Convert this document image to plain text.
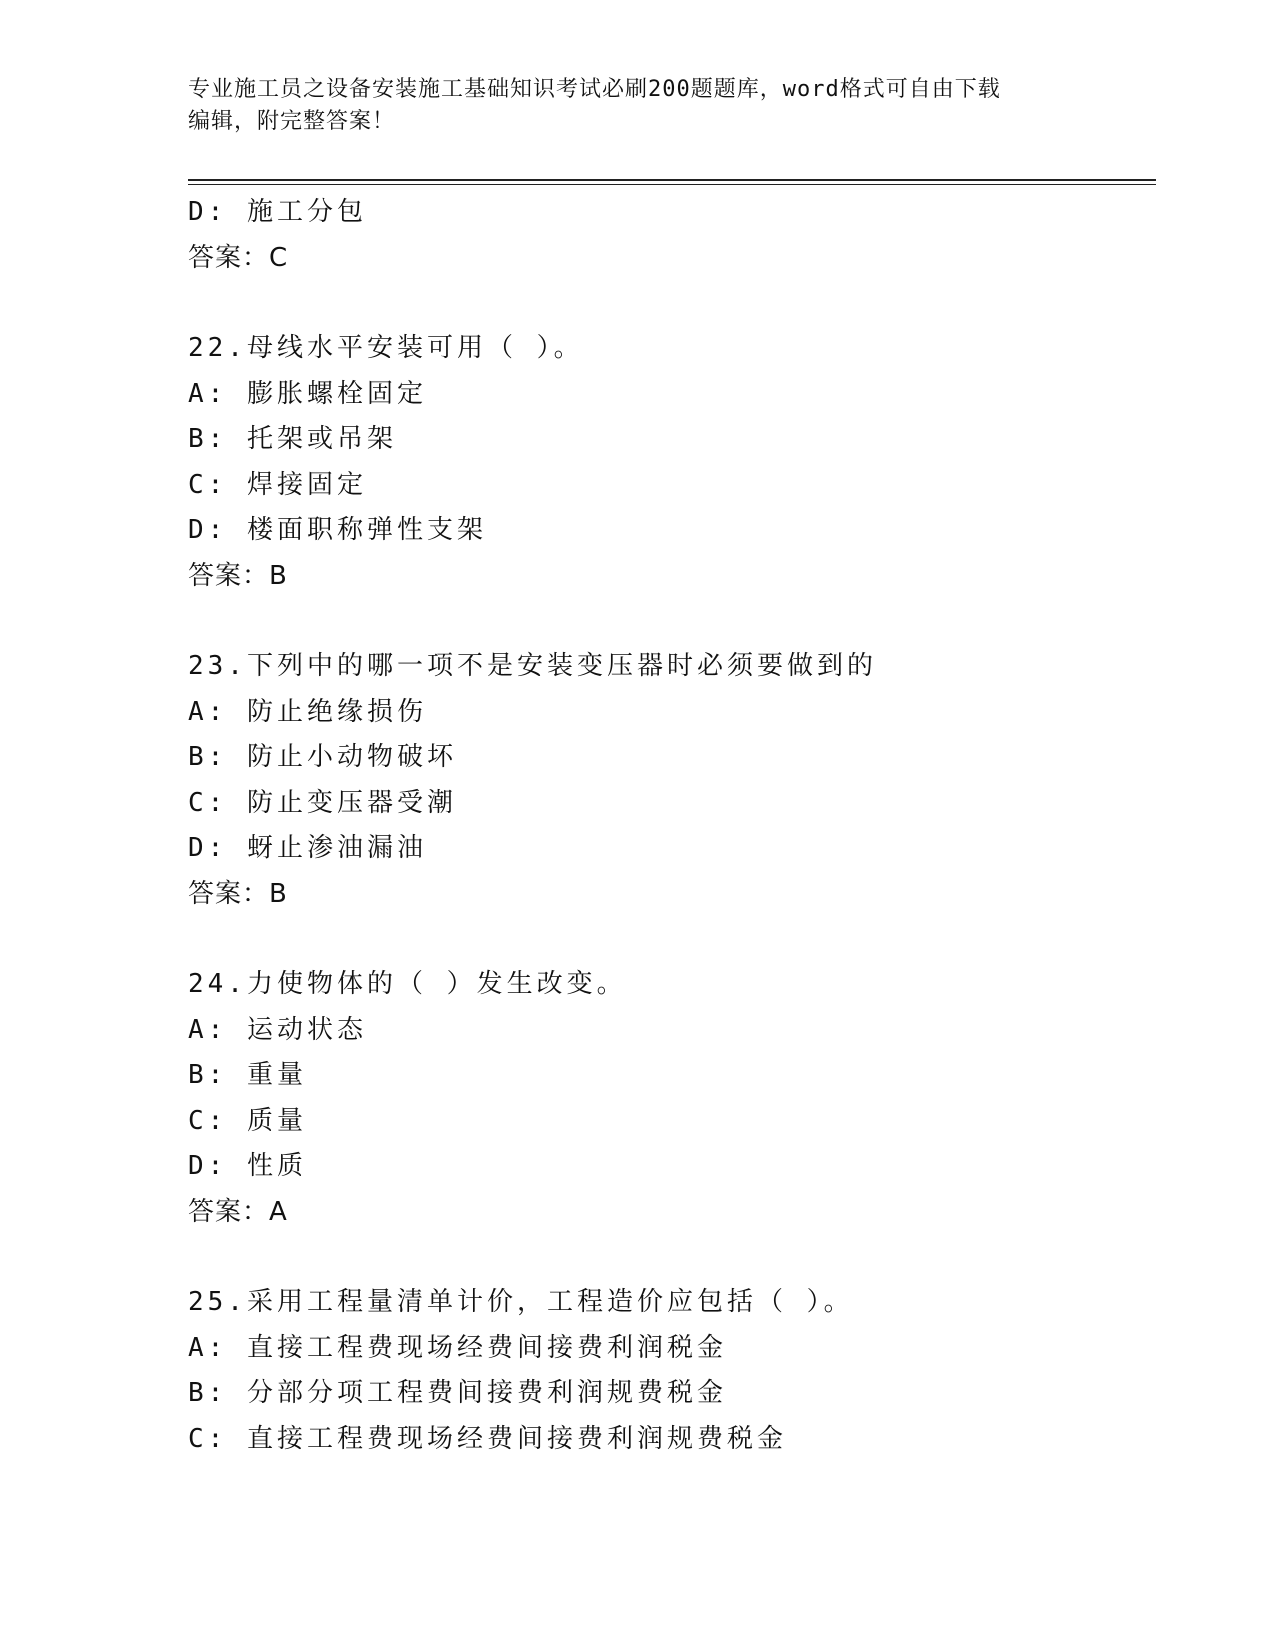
专业施工员之设备安装施工基础知识考试必刷200题题库，word格式可自由下载
编辑，附完整答案！
D: 施工分包
答案：C
22.母线水平安装可用（ ）。
A: 膨胀螺栓固定
B: 托架或吊架
C: 焊接固定
D: 楼面职称弹性支架
答案：B
23.下列中的哪一项不是安装变压器时必须要做到的
A: 防止绝缘损伤
B: 防止小动物破坏
C: 防止变压器受潮
D: 蚜止渗油漏油
答案：B
24.力使物体的（ ）发生改变。
A: 运动状态
B: 重量
C: 质量
D: 性质
答案：A
25.采用工程量清单计价，工程造价应包括（ ）。
A: 直接工程费现场经费间接费利润税金
B: 分部分项工程费间接费利润规费税金
C: 直接工程费现场经费间接费利润规费税金
